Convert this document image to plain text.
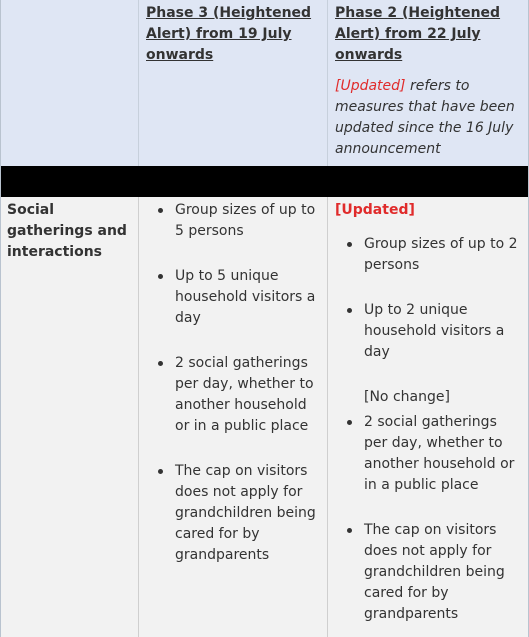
Phase 3 (Heightened Alert) from 19 July onwards
Phase 2 (Heightened Alert) from 22 July onwards
[Updated] refers to measures that have been updated since the 16 July announcement
Social gatherings and interactions
Group sizes of up to 5 persons
Up to 5 unique household visitors a day
2 social gatherings per day, whether to another household or in a public place
The cap on visitors does not apply for grandchildren being cared for by grandparents
[Updated]
Group sizes of up to 2 persons
Up to 2 unique household visitors a day
[No change]
2 social gatherings per day, whether to another household or in a public place
The cap on visitors does not apply for grandchildren being cared for by grandparents
